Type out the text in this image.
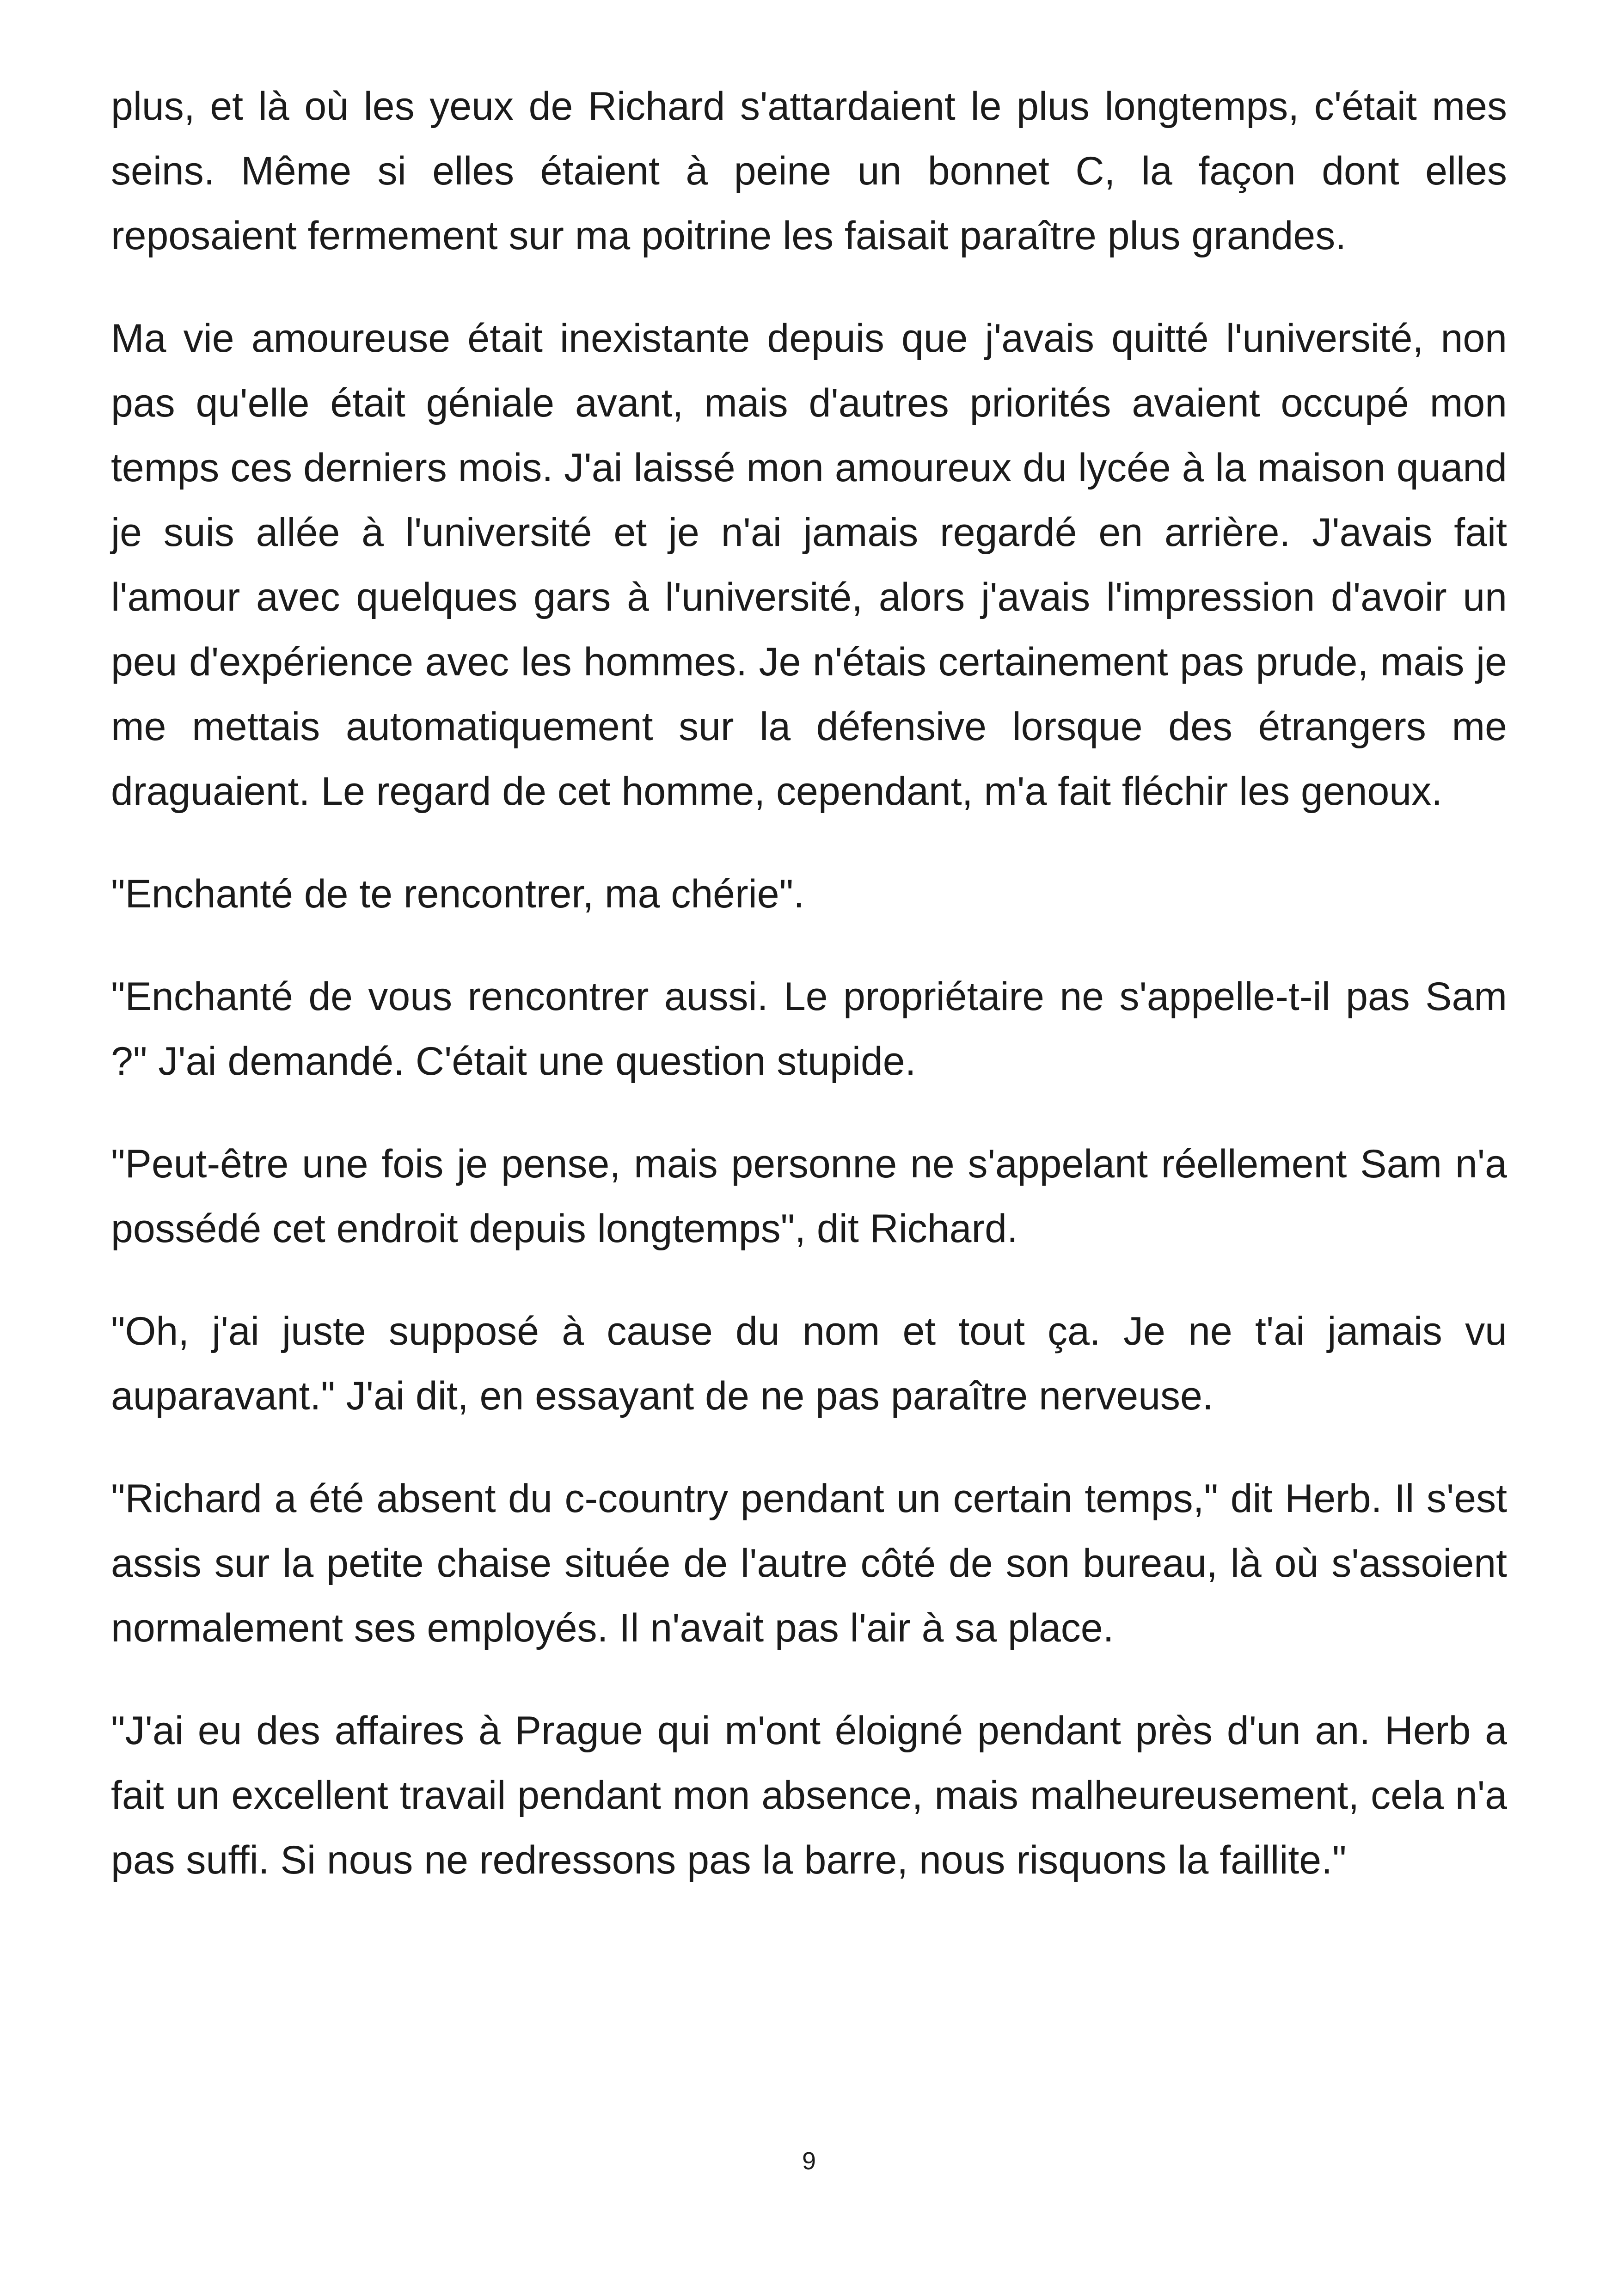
plus, et là où les yeux de Richard s'attardaient le plus longtemps, c'était mes seins. Même si elles étaient à peine un bonnet C, la façon dont elles reposaient fermement sur ma poitrine les faisait paraître plus grandes.

Ma vie amoureuse était inexistante depuis que j'avais quitté l'université, non pas qu'elle était géniale avant, mais d'autres priorités avaient occupé mon temps ces derniers mois. J'ai laissé mon amoureux du lycée à la maison quand je suis allée à l'université et je n'ai jamais regardé en arrière. J'avais fait l'amour avec quelques gars à l'université, alors j'avais l'impression d'avoir un peu d'expérience avec les hommes. Je n'étais certainement pas prude, mais je me mettais automatiquement sur la défensive lorsque des étrangers me draguaient. Le regard de cet homme, cependant, m'a fait fléchir les genoux.

"Enchanté de te rencontrer, ma chérie".

"Enchanté de vous rencontrer aussi. Le propriétaire ne s'appelle-t-il pas Sam ?" J'ai demandé. C'était une question stupide.

"Peut-être une fois je pense, mais personne ne s'appelant réellement Sam n'a possédé cet endroit depuis longtemps", dit Richard.

"Oh, j'ai juste supposé à cause du nom et tout ça. Je ne t'ai jamais vu auparavant." J'ai dit, en essayant de ne pas paraître nerveuse.

"Richard a été absent du c-country pendant un certain temps," dit Herb. Il s'est assis sur la petite chaise située de l'autre côté de son bureau, là où s'assoient normalement ses employés. Il n'avait pas l'air à sa place.

"J'ai eu des affaires à Prague qui m'ont éloigné pendant près d'un an. Herb a fait un excellent travail pendant mon absence, mais malheureusement, cela n'a pas suffi. Si nous ne redressons pas la barre, nous risquons la faillite."

9
